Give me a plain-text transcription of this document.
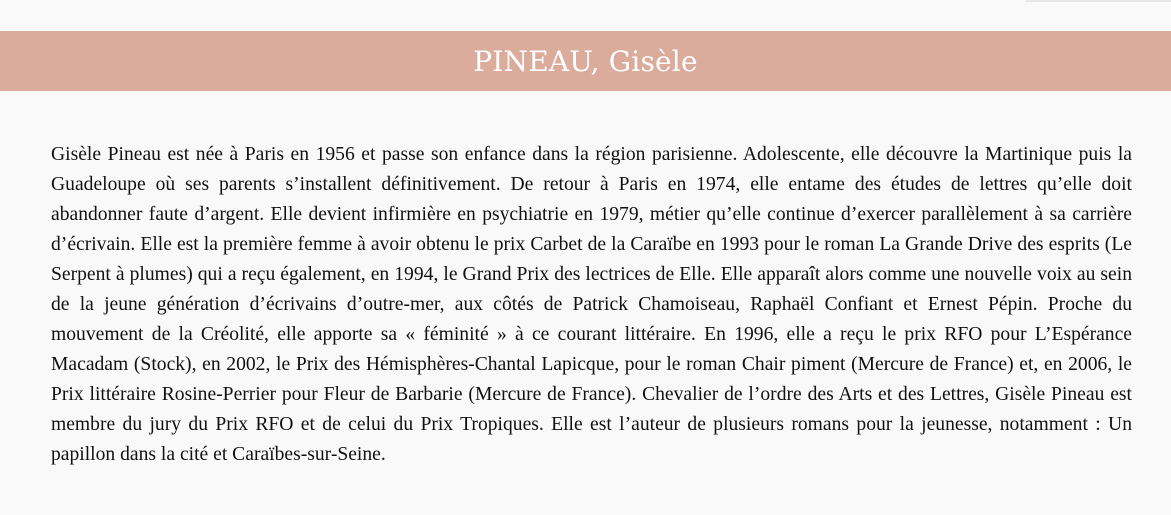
PINEAU, Gisèle

Gisèle Pineau est née à Paris en 1956 et passe son enfance dans la région parisienne. Adolescente, elle découvre la Martinique puis la Guadeloupe où ses parents s’installent définitivement. De retour à Paris en 1974, elle entame des études de lettres qu’elle doit abandonner faute d’argent. Elle devient infirmière en psychiatrie en 1979, métier qu’elle continue d’exercer parallèlement à sa carrière d’écrivain. Elle est la première femme à avoir obtenu le prix Carbet de la Caraïbe en 1993 pour le roman La Grande Drive des esprits (Le Serpent à plumes) qui a reçu également, en 1994, le Grand Prix des lectrices de Elle. Elle apparaît alors comme une nouvelle voix au sein de la jeune génération d’écrivains d’outre-mer, aux côtés de Patrick Chamoiseau, Raphaël Confiant et Ernest Pépin. Proche du mouvement de la Créolité, elle apporte sa « féminité » à ce courant littéraire. En 1996, elle a reçu le prix RFO pour L’Espérance Macadam (Stock), en 2002, le Prix des Hémisphères-Chantal Lapicque, pour le roman Chair piment (Mercure de France) et, en 2006, le Prix littéraire Rosine-Perrier pour Fleur de Barbarie (Mercure de France). Chevalier de l’ordre des Arts et des Lettres, Gisèle Pineau est membre du jury du Prix RFO et de celui du Prix Tropiques. Elle est l’auteur de plusieurs romans pour la jeunesse, notamment : Un papillon dans la cité et Caraïbes-sur-Seine.
